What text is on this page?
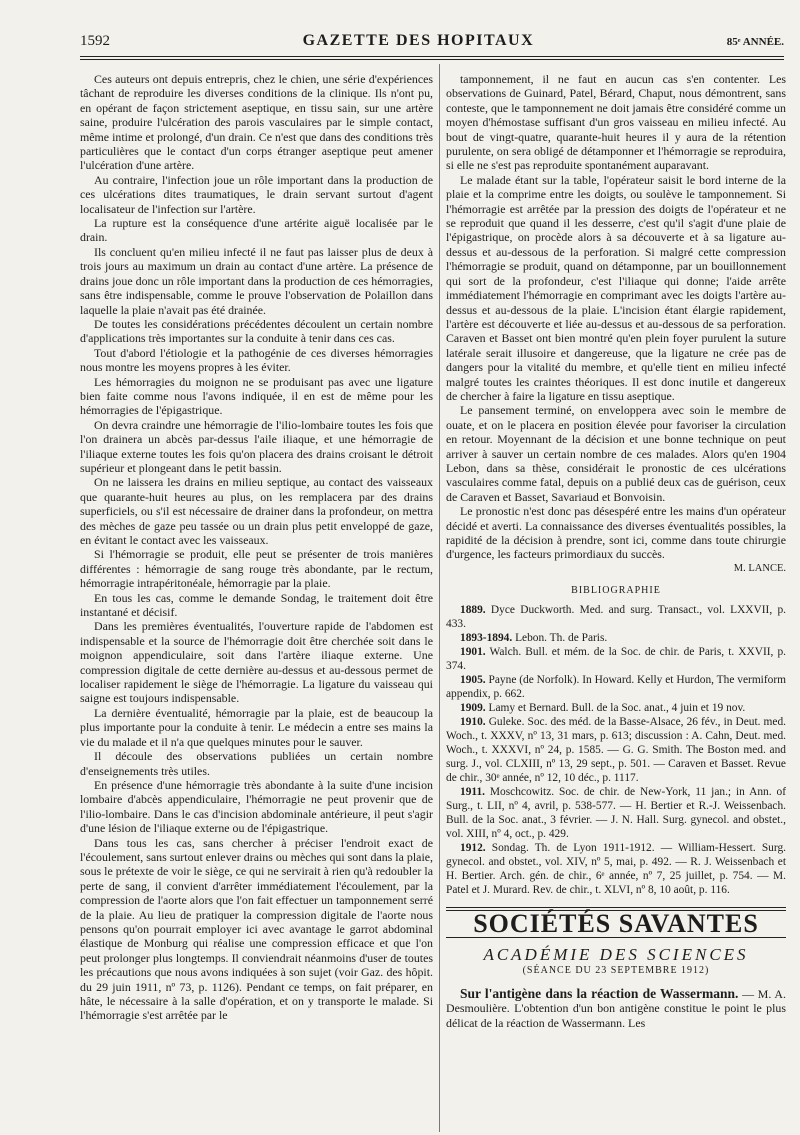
1592	GAZETTE DES HOPITAUX	85ᵉ ANNÉE.

Ces auteurs ont depuis entrepris, chez le chien, une série d'expériences tâchant de reproduire les diverses conditions de la clinique. Ils n'ont pu, en opérant de façon strictement aseptique, en tissu sain, sur une artère saine, produire l'ulcération des parois vasculaires par le simple contact, même intime et prolongé, d'un drain. Ce n'est que dans des conditions très particulières que le contact d'un corps étranger aseptique peut amener l'ulcération d'une artère.

Au contraire, l'infection joue un rôle important dans la production de ces ulcérations dites traumatiques, le drain servant surtout d'agent localisateur de l'infection sur l'artère.

La rupture est la conséquence d'une artérite aiguë localisée par le drain.

Ils concluent qu'en milieu infecté il ne faut pas laisser plus de deux à trois jours au maximum un drain au contact d'une artère. La présence de drains joue donc un rôle important dans la production de ces hémorragies, sans être indispensable, comme le prouve l'observation de Polaillon dans laquelle la plaie n'avait pas été drainée.

De toutes les considérations précédentes découlent un certain nombre d'applications très importantes sur la conduite à tenir dans ces cas.

Tout d'abord l'étiologie et la pathogénie de ces diverses hémorragies nous montre les moyens propres à les éviter.

Les hémorragies du moignon ne se produisant pas avec une ligature bien faite comme nous l'avons indiquée, il en est de même pour les hémorragies de l'épigastrique.

On devra craindre une hémorragie de l'ilio-lombaire toutes les fois que l'on drainera un abcès par-dessus l'aile iliaque, et une hémorragie de l'iliaque externe toutes les fois qu'on placera des drains croisant le détroit supérieur et plongeant dans le petit bassin.

On ne laissera les drains en milieu septique, au contact des vaisseaux que quarante-huit heures au plus, on les remplacera par des drains superficiels, ou s'il est nécessaire de drainer dans la profondeur, on mettra des mèches de gaze peu tassée ou un drain plus petit enveloppé de gaze, en évitant le contact avec les vaisseaux.

Si l'hémorragie se produit, elle peut se présenter de trois manières différentes : hémorragie de sang rouge très abondante, par le rectum, hémorragie intrapéritonéale, hémorragie par la plaie.

En tous les cas, comme le demande Sondag, le traitement doit être instantané et décisif.

Dans les premières éventualités, l'ouverture rapide de l'abdomen est indispensable et la source de l'hémorragie doit être cherchée soit dans le moignon appendiculaire, soit dans l'artère iliaque externe. Une compression digitale de cette dernière au-dessus et au-dessous permet de localiser rapidement le siège de l'hémorragie. La ligature du vaisseau qui saigne est toujours indispensable.

La dernière éventualité, hémorragie par la plaie, est de beaucoup la plus importante pour la conduite à tenir. Le médecin a entre ses mains la vie du malade et il n'a que quelques minutes pour le sauver.

Il découle des observations publiées un certain nombre d'enseignements très utiles.

En présence d'une hémorragie très abondante à la suite d'une incision lombaire d'abcès appendiculaire, l'hémorragie ne peut provenir que de l'ilio-lombaire. Dans le cas d'incision abdominale antérieure, il peut s'agir d'une lésion de l'iliaque externe ou de l'épigastrique.

Dans tous les cas, sans chercher à préciser l'endroit exact de l'écoulement, sans surtout enlever drains ou mèches qui sont dans la plaie, sous le prétexte de voir le siège, ce qui ne servirait à rien qu'à redoubler la perte de sang, il convient d'arrêter immédiatement l'écoulement, par la compression de l'aorte alors que l'on fait effectuer un tamponnement serré de la plaie. Au lieu de pratiquer la compression digitale de l'aorte nous pensons qu'on pourrait employer ici avec avantage le garrot abdominal élastique de Monburg qui réalise une compression efficace et que l'on peut prolonger plus longtemps. Il conviendrait néanmoins d'user de toutes les précautions que nous avons indiquées à son sujet (voir Gaz. des hôpit. du 29 juin 1911, nº 73, p. 1126). Pendant ce temps, on fait préparer, en hâte, le nécessaire à la salle d'opération, et on y transporte le malade. Si l'hémorragie s'est arrêtée par le

tamponnement, il ne faut en aucun cas s'en contenter. Les observations de Guinard, Patel, Bérard, Chaput, nous démontrent, sans conteste, que le tamponnement ne doit jamais être considéré comme un moyen d'hémostase suffisant d'un gros vaisseau en milieu infecté. Au bout de vingt-quatre, quarante-huit heures il y aura de la rétention purulente, on sera obligé de détamponner et l'hémorragie se reproduira, si elle ne s'est pas reproduite spontanément auparavant.

Le malade étant sur la table, l'opérateur saisit le bord interne de la plaie et la comprime entre les doigts, ou soulève le tamponnement. Si l'hémorragie est arrêtée par la pression des doigts de l'opérateur et ne se reproduit que quand il les desserre, c'est qu'il s'agit d'une plaie de l'épigastrique, on procède alors à sa découverte et à sa ligature au-dessus et au-dessous de la perforation. Si malgré cette compression l'hémorragie se produit, quand on détamponne, par un bouillonnement qui sort de la profondeur, c'est l'iliaque qui donne; l'aide arrête immédiatement l'hémorragie en comprimant avec les doigts l'artère au-dessus et au-dessous de la plaie. L'incision étant élargie rapidement, l'artère est découverte et liée au-dessus et au-dessous de sa perforation. Caraven et Basset ont bien montré qu'en plein foyer purulent la suture latérale serait illusoire et dangereuse, que la ligature ne crée pas de dangers pour la vitalité du membre, et qu'elle tient en milieu infecté malgré toutes les craintes théoriques. Il est donc inutile et dangereux de chercher à faire la ligature en tissu aseptique.

Le pansement terminé, on enveloppera avec soin le membre de ouate, et on le placera en position élevée pour favoriser la circulation en retour. Moyennant de la décision et une bonne technique on peut arriver à sauver un certain nombre de ces malades. Alors qu'en 1904 Lebon, dans sa thèse, considérait le pronostic de ces ulcérations vasculaires comme fatal, depuis on a publié deux cas de guérison, ceux de Caraven et Basset, Savariaud et Bonvoisin.

Le pronostic n'est donc pas désespéré entre les mains d'un opérateur décidé et averti. La connaissance des diverses éventualités possibles, la rapidité de la décision à prendre, sont ici, comme dans toute chirurgie d'urgence, les facteurs primordiaux du succès.

M. LANCE.
BIBLIOGRAPHIE

1889. Dyce Duckworth. Med. and surg. Transact., vol. LXXVII, p. 433.

1893-1894. Lebon. Th. de Paris.

1901. Walch. Bull. et mém. de la Soc. de chir. de Paris, t. XXVII, p. 374.

1905. Payne (de Norfolk). In Howard. Kelly et Hurdon, The vermiform appendix, p. 662.

1909. Lamy et Bernard. Bull. de la Soc. anat., 4 juin et 19 nov.

1910. Guleke. Soc. des méd. de la Basse-Alsace, 26 fév., in Deut. med. Woch., t. XXXV, nº 13, 31 mars, p. 613; discussion : A. Cahn, Deut. med. Woch., t. XXXVI, nº 24, p. 1585. — G. G. Smith. The Boston med. and surg. J., vol. CLXIII, nº 13, 29 sept., p. 501. — Caraven et Basset. Revue de chir., 30ᵉ année, nº 12, 10 déc., p. 1117.

1911. Moschcowitz. Soc. de chir. de New-York, 11 jan.; in Ann. of Surg., t. LII, nº 4, avril, p. 538-577. — H. Bertier et R.-J. Weissenbach. Bull. de la Soc. anat., 3 février. — J. N. Hall. Surg. gynecol. and obstet., vol. XIII, nº 4, oct., p. 429.

1912. Sondag. Th. de Lyon 1911-1912. — William-Hessert. Surg. gynecol. and obstet., vol. XIV, nº 5, mai, p. 492. — R. J. Weissenbach et H. Bertier. Arch. gén. de chir., 6ᵉ année, nº 7, 25 juillet, p. 754. — M. Patel et J. Murard. Rev. de chir., t. XLVI, nº 8, 10 août, p. 116.

SOCIÉTÉS SAVANTES
ACADÉMIE DES SCIENCES
(SÉANCE DU 23 SEPTEMBRE 1912)

Sur l'antigène dans la réaction de Wassermann. — M. A. Desmoulière. L'obtention d'un bon antigène constitue le point le plus délicat de la réaction de Wassermann. Les
